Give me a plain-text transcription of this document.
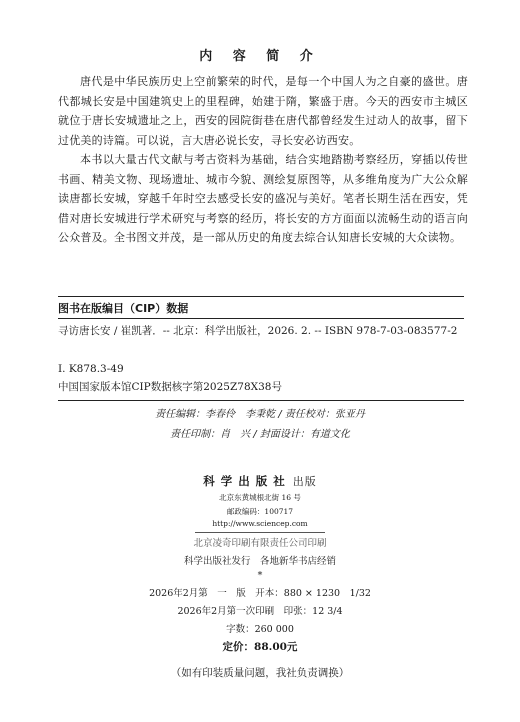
内 容 简 介

唐代是中华民族历史上空前繁荣的时代，是每一个中国人为之自豪的盛世。唐代都城长安是中国建筑史上的里程碑，始建于隋，繁盛于唐。今天的西安市主城区就位于唐长安城遗址之上，西安的园院街巷在唐代都曾经发生过动人的故事，留下过优美的诗篇。可以说，言大唐必说长安，寻长安必访西安。

本书以大量古代文献与考古资料为基础，结合实地踏勘考察经历，穿插以传世书画、精美文物、现场遗址、城市今貌、测绘复原图等，从多维角度为广大公众解读唐都长安城，穿越千年时空去感受长安的盛况与美好。笔者长期生活在西安，凭借对唐长安城进行学术研究与考察的经历，将长安的方方面面以流畅生动的语言向公众普及。全书图文并茂，是一部从历史的角度去综合认知唐长安城的大众读物。

图书在版编目（CIP）数据

寻访唐长安 / 崔凯著．-- 北京：科学出版社，2026. 2. -- ISBN 978-7-03-083577-2

Ⅰ. K878.3-49

中国国家版本馆CIP数据核字第2025Z78X38号

责任编辑：李春伶　李秉乾 / 责任校对：张亚丹
责任印制：肖　兴 / 封面设计：有道文化
科学出版社 出版
北京东黄城根北街 16 号
邮政编码：100717
http://www.sciencep.com
北京凌奇印刷有限责任公司印刷
科学出版社发行　各地新华书店经销
*
2026年2月第　一　版　开本：880 × 1230　1/32
2026年2月第一次印刷　印张：12 3/4
字数：260 000
定价：88.00元
（如有印装质量问题，我社负责调换）
